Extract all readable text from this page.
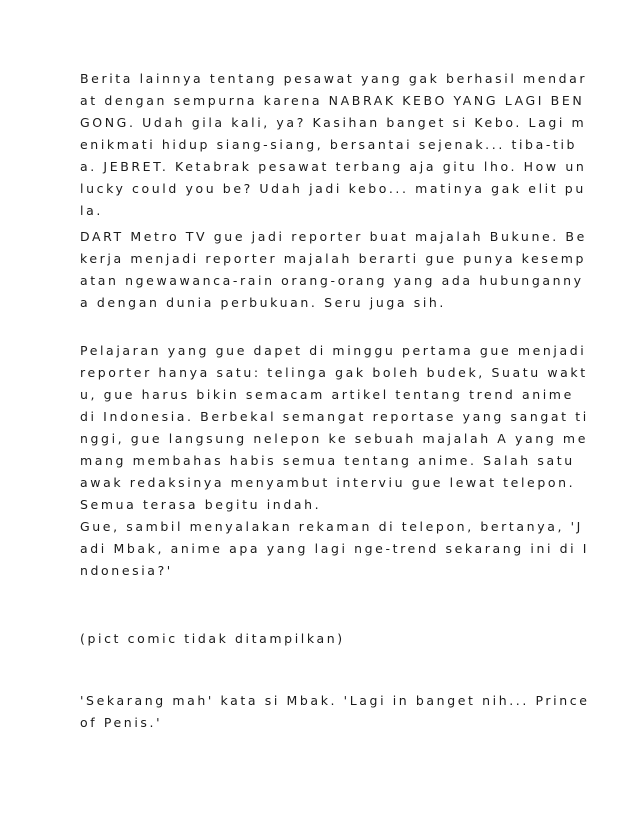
Berita lainnya tentang pesawat yang gak berhasil mendarat dengan sempurna karena NABRAK KEBO YANG LAGI BENGONG. Udah gila kali, ya? Kasihan banget si Kebo. Lagi menikmati hidup siang-siang, bersantai sejenak... tiba-tiba. JEBRET. Ketabrak pesawat terbang aja gitu lho. How unlucky could you be? Udah jadi kebo... matinya gak elit pula.
DART Metro TV gue jadi reporter buat majalah Bukune. Bekerja menjadi reporter majalah berarti gue punya kesempatan ngewawanca-rain orang-orang yang ada hubungannya dengan dunia perbukuan. Seru juga sih.
Pelajaran yang gue dapet di minggu pertama gue menjadi reporter hanya satu: telinga gak boleh budek, Suatu waktu, gue harus bikin semacam artikel tentang trend anime di Indonesia. Berbekal semangat reportase yang sangat tinggi, gue langsung nelepon ke sebuah majalah A yang memang membahas habis semua tentang anime. Salah satu awak redaksinya menyambut interviu gue lewat telepon. Semua terasa begitu indah.
Gue, sambil menyalakan rekaman di telepon, bertanya, 'Jadi Mbak, anime apa yang lagi nge-trend sekarang ini di Indonesia?'
(pict comic tidak ditampilkan)
'Sekarang mah' kata si Mbak. 'Lagi in banget nih... Prince of Penis.'
